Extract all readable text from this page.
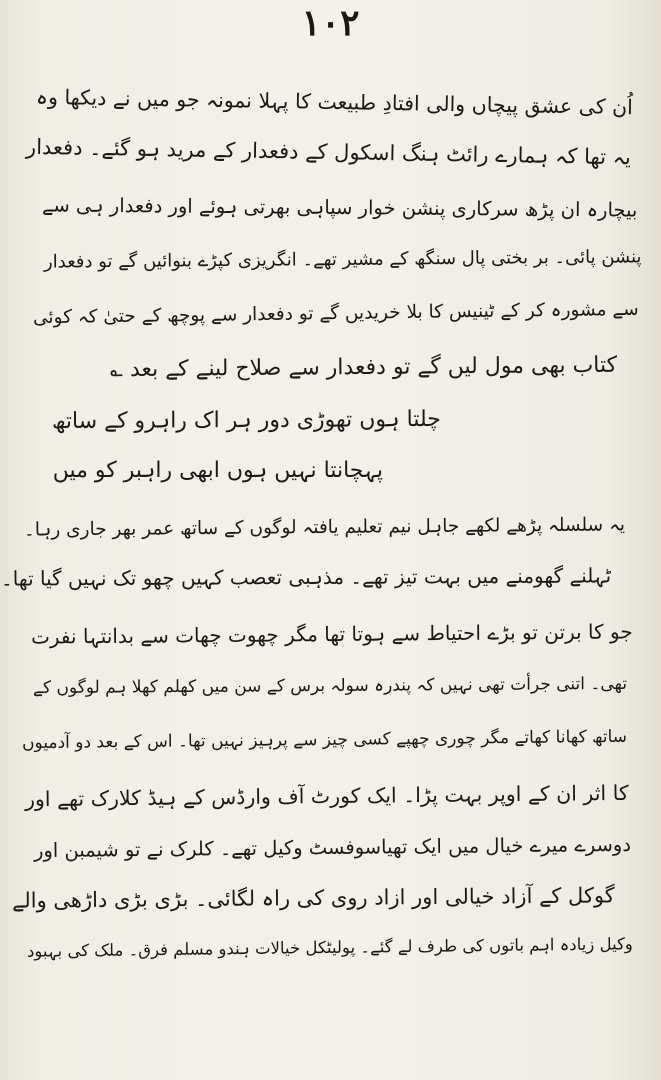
۱۰۲
اُن کی عشق پیچاں والی افتادِ طبیعت کا پہلا نمونہ جو میں نے دیکھا وہ
یہ تھا کہ ہمارے رائٹ ہنگ اسکول کے دفعدار کے مرید ہو گئے۔ دفعدار
بیچارہ ان پڑھ سرکاری پنشن خوار سپاہی بھرتی ہوئے اور دفعدار ہی سے
پنشن پائی۔ بر بختی پال سنگھ کے مشیر تھے۔ انگریزی کپڑے بنوائیں گے تو دفعدار
سے مشورہ کر کے ٹینیس کا بلا خریدیں گے تو دفعدار سے پوچھ کے حتیٰ کہ کوئی
کتاب بھی مول لیں گے تو دفعدار سے صلاح لینے کے بعد ؎
چلتا ہوں تھوڑی دور ہر اک راہرو کے ساتھ
پہچانتا نہیں ہوں ابھی راہبر کو میں
یہ سلسلہ پڑھے لکھے جاہل نیم تعلیم یافتہ لوگوں کے ساتھ عمر بھر جاری رہا۔
ٹہلنے گھومنے میں بہت تیز تھے۔ مذہبی تعصب کہیں چھو تک نہیں گیا تھا۔
جو کا برتن تو بڑے احتیاط سے ہوتا تھا مگر چھوت چھات سے بدانتہا نفرت
تھی۔ اتنی جرأت تھی نہیں کہ پندرہ سولہ برس کے سن میں کھلم کھلا ہم لوگوں کے
ساتھ کھانا کھاتے مگر چوری چھپے کسی چیز سے پرہیز نہیں تھا۔ اس کے بعد دو آدمیوں
کا اثر ان کے اوپر بہت پڑا۔ ایک کورٹ آف وارڈس کے ہیڈ کلارک تھے اور
دوسرے میرے خیال میں ایک تھیاسوفسٹ وکیل تھے۔ کلرک نے تو شیمبن اور
گوکل کے آزاد خیالی اور ازاد روی کی راہ لگائی۔ بڑی بڑی داڑھی والے
وکیل زیادہ اہم باتوں کی طرف لے گئے۔ پولیٹکل خیالات ہندو مسلم فرق۔ ملک کی بہبود
